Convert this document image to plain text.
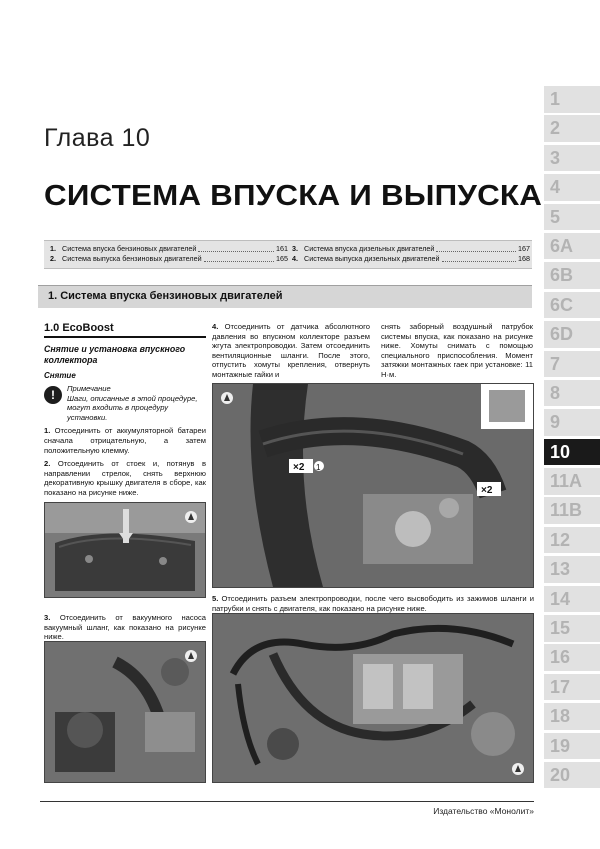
Глава 10
СИСТЕМА ВПУСКА И ВЫПУСКА
1. Система впуска бензиновых двигателей	161
2. Система выпуска бензиновых двигателей	165
3. Система впуска дизельных двигателей	167
4. Система выпуска дизельных двигателей	168
1. Система впуска бензиновых двигателей
1.0 EcoBoost
Снятие и установка впускного коллектора
Снятие
!	Примечание
Шаги, описанные в этой процедуре, могут входить в процедуру установки.
1. Отсоединить от аккумуляторной батареи сначала отрицательную, а затем положительную клемму.
2. Отсоединить от стоек и, потянув в направлении стрелок, снять верхнюю декоративную крышку двигателя в сборе, как показано на рисунке ниже.
3. Отсоединить от вакуумного насоса вакуумный шланг, как показано на рисунке ниже.
4. Отсоединить от датчика абсолютного давления во впускном коллекторе разъем жгута электропроводки. Затем отсоединить вентиляционные шланги. После этого, отпустить хомуты крепления, отвернуть монтажные гайки и
снять заборный воздушный патрубок системы впуска, как показано на рисунке ниже. Хомуты снимать с помощью специального приспособления. Момент затяжки монтажных гаек при установке: 11 Н·м.
5. Отсоединить разъем электропроводки, после чего высвободить из зажимов шланги и патрубки и снять с двигателя, как показано на рисунке ниже.
×2
×2
1
Издательство «Монолит»
1
2
3
4
5
6A
6B
6C
6D
7
8
9
10
11A
11B
12
13
14
15
16
17
18
19
20
